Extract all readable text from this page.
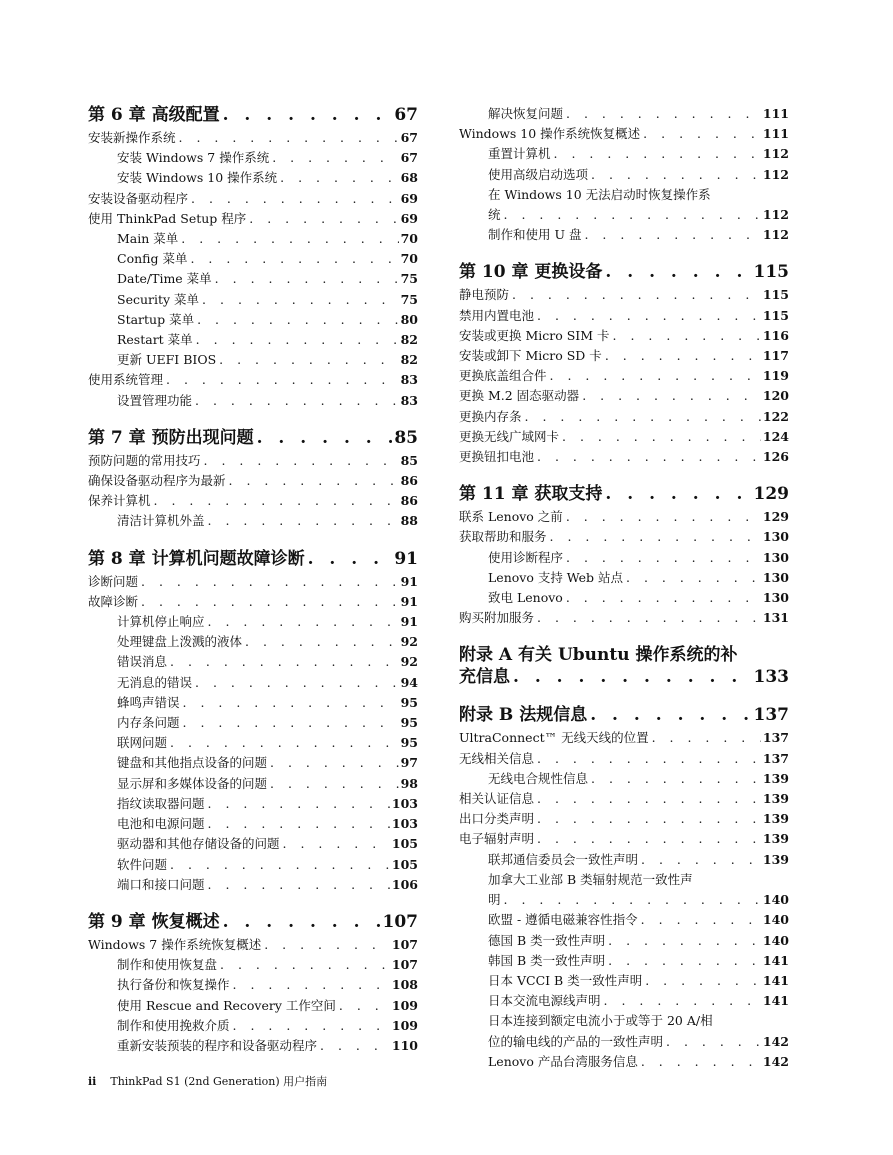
第 6 章 高级配置 . . .	67
安装新操作系统 . . .	67
安装 Windows 7 操作系统 . . .	67
安装 Windows 10 操作系统 . . .	68
安装设备驱动程序 . . .	69
使用 ThinkPad Setup 程序 . . .	69
Main 菜单 . . .	70
Config 菜单 . . .	70
Date/Time 菜单 . . .	75
Security 菜单 . . .	75
Startup 菜单 . . .	80
Restart 菜单 . . .	82
更新 UEFI BIOS . . .	82
使用系统管理 . . .	83
设置管理功能 . . .	83
第 7 章 预防出现问题 . . .	85
预防问题的常用技巧 . . .	85
确保设备驱动程序为最新 . . .	86
保养计算机 . . .	86
清洁计算机外盖 . . .	88
第 8 章 计算机问题故障诊断 . . .	91
诊断问题 . . .	91
故障诊断 . . .	91
计算机停止响应 . . .	91
处理键盘上泼溅的液体 . . .	92
错误消息 . . .	92
无消息的错误 . . .	94
蜂鸣声错误 . . .	95
内存条问题 . . .	95
联网问题 . . .	95
键盘和其他指点设备的问题 . . .	97
显示屏和多媒体设备的问题 . . .	98
指纹读取器问题 . . .	103
电池和电源问题 . . .	103
驱动器和其他存储设备的问题 . . .	105
软件问题 . . .	105
端口和接口问题 . . .	106
第 9 章 恢复概述 . . .	107
Windows 7 操作系统恢复概述 . . .	107
制作和使用恢复盘 . . .	107
执行备份和恢复操作 . . .	108
使用 Rescue and Recovery 工作空间 . . .	109
制作和使用挽救介质 . . .	109
重新安装预装的程序和设备驱动程序 . . .	110
解决恢复问题 . . .	111
Windows 10 操作系统恢复概述 . . .	111
重置计算机 . . .	112
使用高级启动选项 . . .	112
在 Windows 10 无法启动时恢复操作系
统 . . .	112
制作和使用 U 盘 . . .	112
第 10 章 更换设备 . . .	115
静电预防 . . .	115
禁用内置电池 . . .	115
安装或更换 Micro SIM 卡 . . .	116
安装或卸下 Micro SD 卡 . . .	117
更换底盖组合件 . . .	119
更换 M.2 固态驱动器 . . .	120
更换内存条 . . .	122
更换无线广域网卡 . . .	124
更换钮扣电池 . . .	126
第 11 章 获取支持 . . .	129
联系 Lenovo 之前 . . .	129
获取帮助和服务 . . .	130
使用诊断程序 . . .	130
Lenovo 支持 Web 站点 . . .	130
致电 Lenovo . . .	130
购买附加服务 . . .	131
附录 A 有关 Ubuntu 操作系统的补
充信息 . . .	133
附录 B 法规信息 . . .	137
UltraConnect™ 无线天线的位置 . . .	137
无线相关信息 . . .	137
无线电合规性信息 . . .	139
相关认证信息 . . .	139
出口分类声明 . . .	139
电子辐射声明 . . .	139
联邦通信委员会一致性声明 . . .	139
加拿大工业部 B 类辐射规范一致性声
明 . . .	140
欧盟 - 遵循电磁兼容性指令 . . .	140
德国 B 类一致性声明 . . .	140
韩国 B 类一致性声明 . . .	141
日本 VCCI B 类一致性声明 . . .	141
日本交流电源线声明 . . .	141
日本连接到额定电流小于或等于 20 A/相
位的输电线的产品的一致性声明 . . .	142
Lenovo 产品台湾服务信息 . . .	142
ii ThinkPad S1 (2nd Generation) 用户指南
